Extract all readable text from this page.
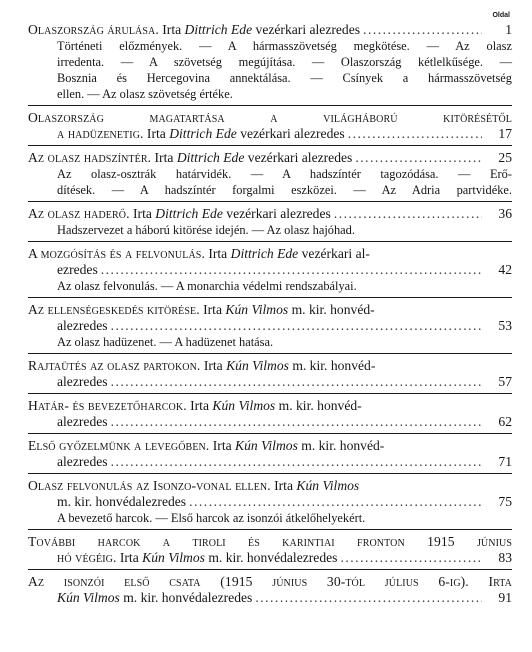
Oldal
Olaszország árulása. Irta Dittrich Ede vezérkari alezredes .....	1
Történeti előzmények. — A hármasszövetség megkötése. — Az olasz
irredenta. — A szövetség megújítása. — Olaszország kétlelkűsége. —
Bosznia és Hercegovina annektálása. — Csínyek a hármasszövetség
ellen. — Az olasz szövetség értéke.
Olaszország magatartása a világháború kitörésétől
a hadüzenetig. Irta Dittrich Ede vezérkari alezredes .....	17
Az olasz hadszíntér. Irta Dittrich Ede vezérkari alezredes .....	25
Az olasz-osztrák határvidék. — A hadszíntér tagozódása. — Erő-
dítések. — A hadszíntér forgalmi eszközei. — Az Adria partvidéke.
Az olasz haderő. Irta Dittrich Ede vezérkari alezredes .....	36
Hadszervezet a háború kitörése idején. — Az olasz hajóhad.
A mozgósítás és a felvonulás. Irta Dittrich Ede vezérkari al-
ezredes .....	42
Az olasz felvonulás. — A monarchia védelmi rendszabályai.
Az ellenségeskedés kitörése. Irta Kún Vilmos m. kir. honvéd-
alezredes .....	53
Az olasz hadüzenet. — A hadüzenet hatása.
Rajtaütés az olasz partokon. Irta Kún Vilmos m. kir. honvéd-
alezredes .....	57
Határ- és bevezetőharcok. Irta Kún Vilmos m. kir. honvéd-
alezredes .....	62
Első győzelmünk a levegőben. Irta Kún Vilmos m. kir. honvéd-
alezredes .....	71
Olasz felvonulás az Isonzo-vonal ellen. Irta Kún Vilmos
m. kir. honvédalezredes .....	75
A bevezető harcok. — Első harcok az isonzói átkelőhelyekért.
További harcok a tiroli és karintiai fronton 1915 június
hó végéig. Irta Kún Vilmos m. kir. honvédalezredes .....	83
Az isonzói első csata (1915 június 30-tól július 6-ig). Irta
Kún Vilmos m. kir. honvédalezredes .....	91
